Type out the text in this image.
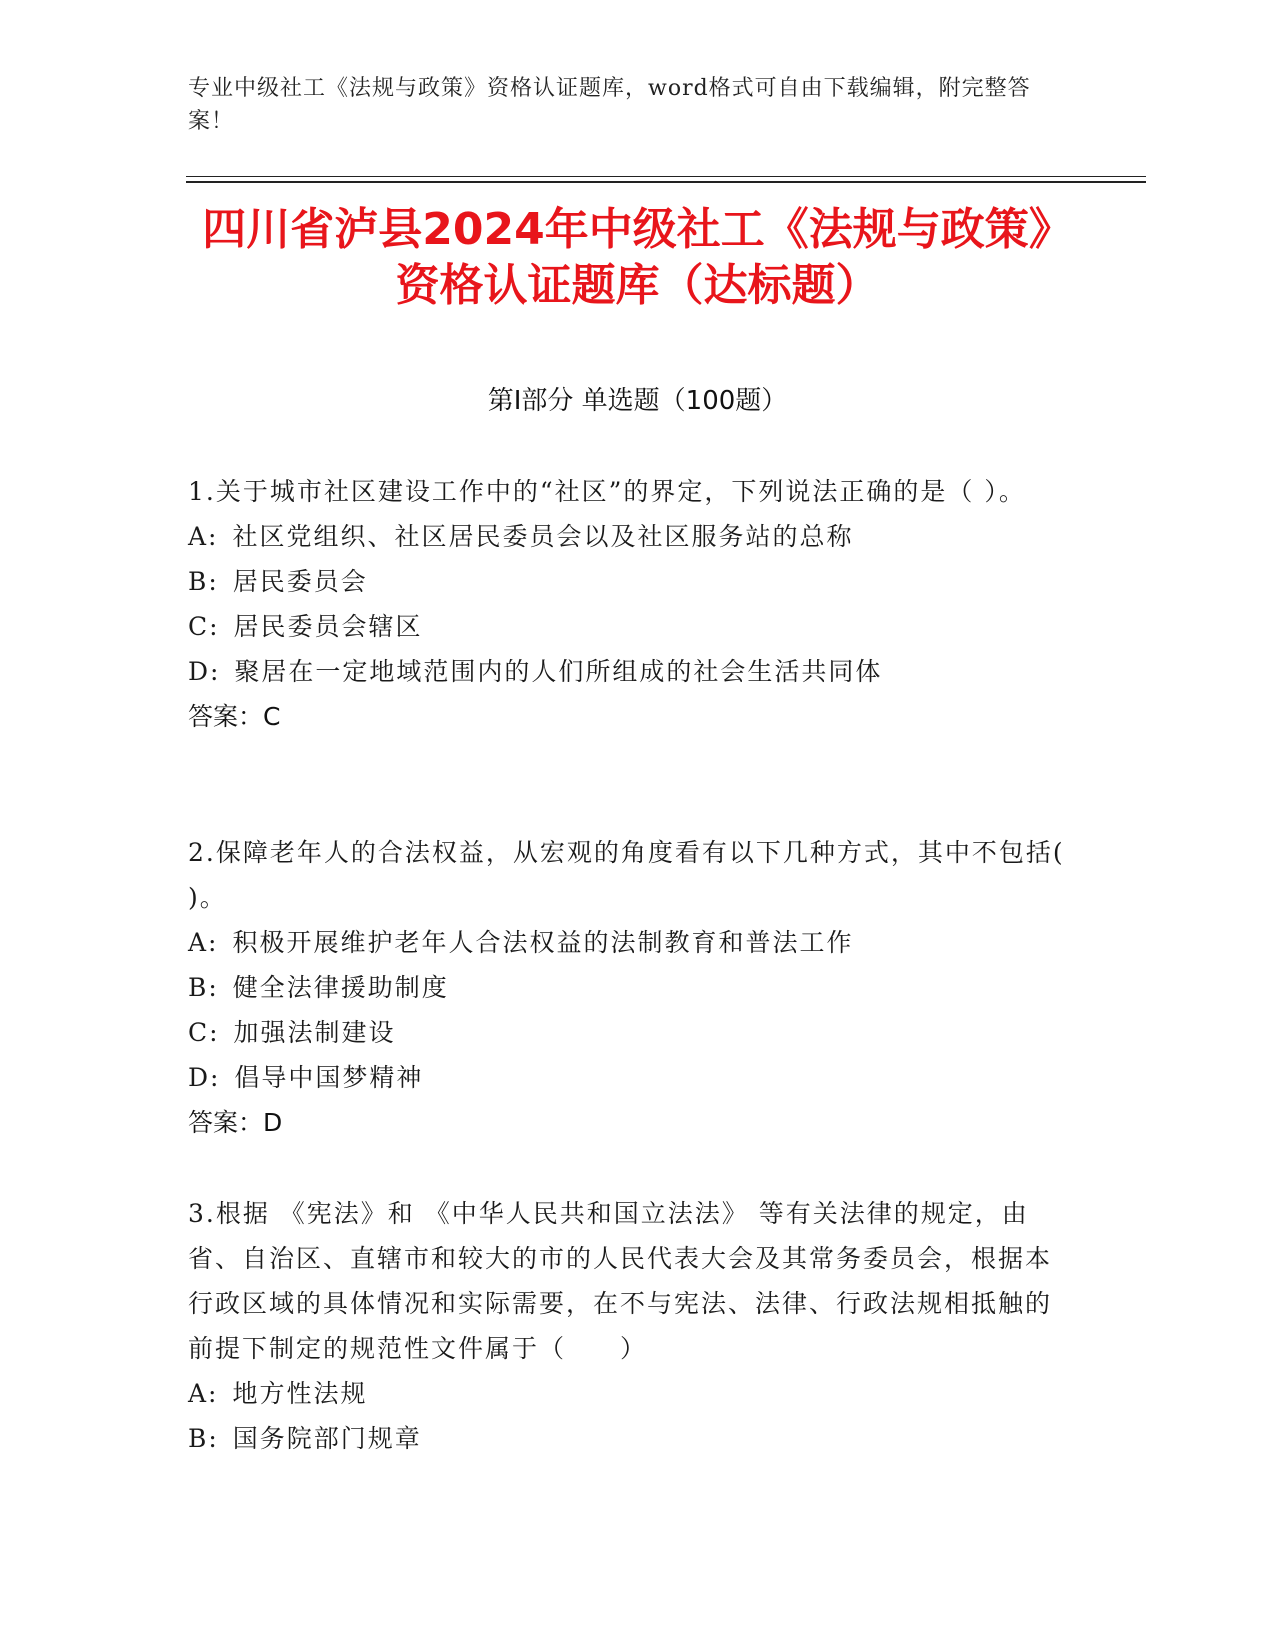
专业中级社工《法规与政策》资格认证题库，word格式可自由下载编辑，附完整答案！
四川省泸县2024年中级社工《法规与政策》
资格认证题库（达标题）
第I部分 单选题（100题）

1.关于城市社区建设工作中的“社区”的界定，下列说法正确的是（ ）。

A: 社区党组织、社区居民委员会以及社区服务站的总称
B: 居民委员会
C: 居民委员会辖区
D: 聚居在一定地域范围内的人们所组成的社会生活共同体
答案：C

2.保障老年人的合法权益，从宏观的角度看有以下几种方式，其中不包括( )。

A: 积极开展维护老年人合法权益的法制教育和普法工作
B: 健全法律援助制度
C: 加强法制建设
D: 倡导中国梦精神
答案：D

3.根据 《宪法》和 《中华人民共和国立法法》 等有关法律的规定，由省、自治区、直辖市和较大的市的人民代表大会及其常务委员会，根据本行政区域的具体情况和实际需要，在不与宪法、法律、行政法规相抵触的前提下制定的规范性文件属于（　　）

A: 地方性法规
B: 国务院部门规章
